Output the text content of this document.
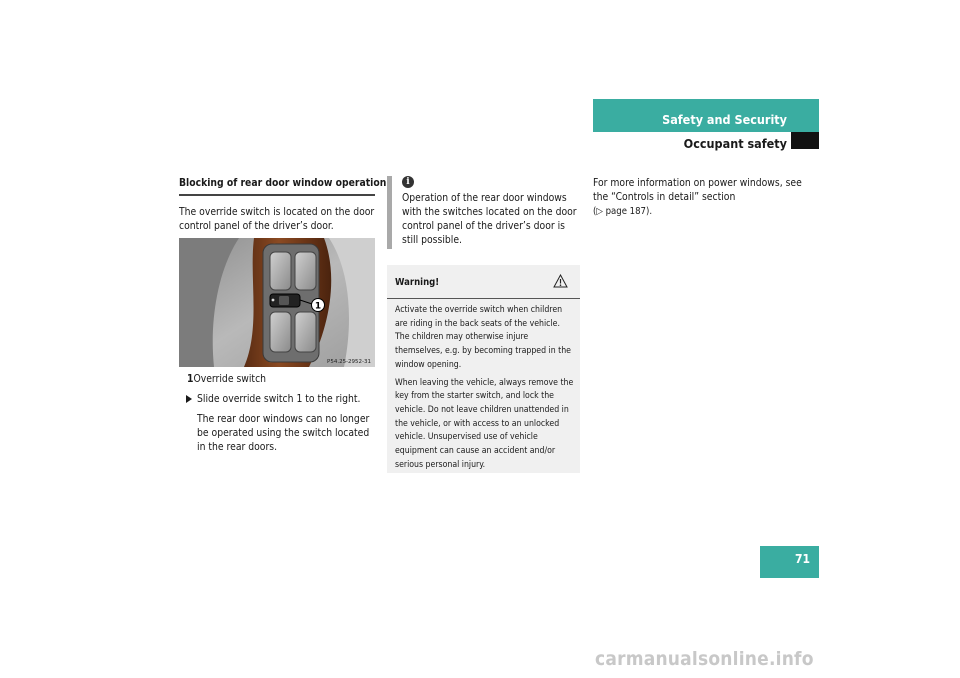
Safety and Security
Occupant safety
Blocking of rear door window operation

The override switch is located on the door control panel of the driver’s door.

1
P54.25-2952-31
1Override switch
Slide override switch 1 to the right.
The rear door windows can no longer be operated using the switch located in the rear doors.
i
Operation of the rear door windows with the switches located on the door control panel of the driver’s door is still possible.
Warning!

Activate the override switch when children are riding in the back seats of the vehicle. The children may otherwise injure themselves, e.g. by becoming trapped in the window opening.

When leaving the vehicle, always remove the key from the starter switch, and lock the vehicle. Do not leave children unattended in the vehicle, or with access to an unlocked vehicle. Unsupervised use of vehicle equipment can cause an accident and/or serious personal injury.

For more information on power windows, see the “Controls in detail” section
(▷ page 187).
71
carmanualsonline.info
